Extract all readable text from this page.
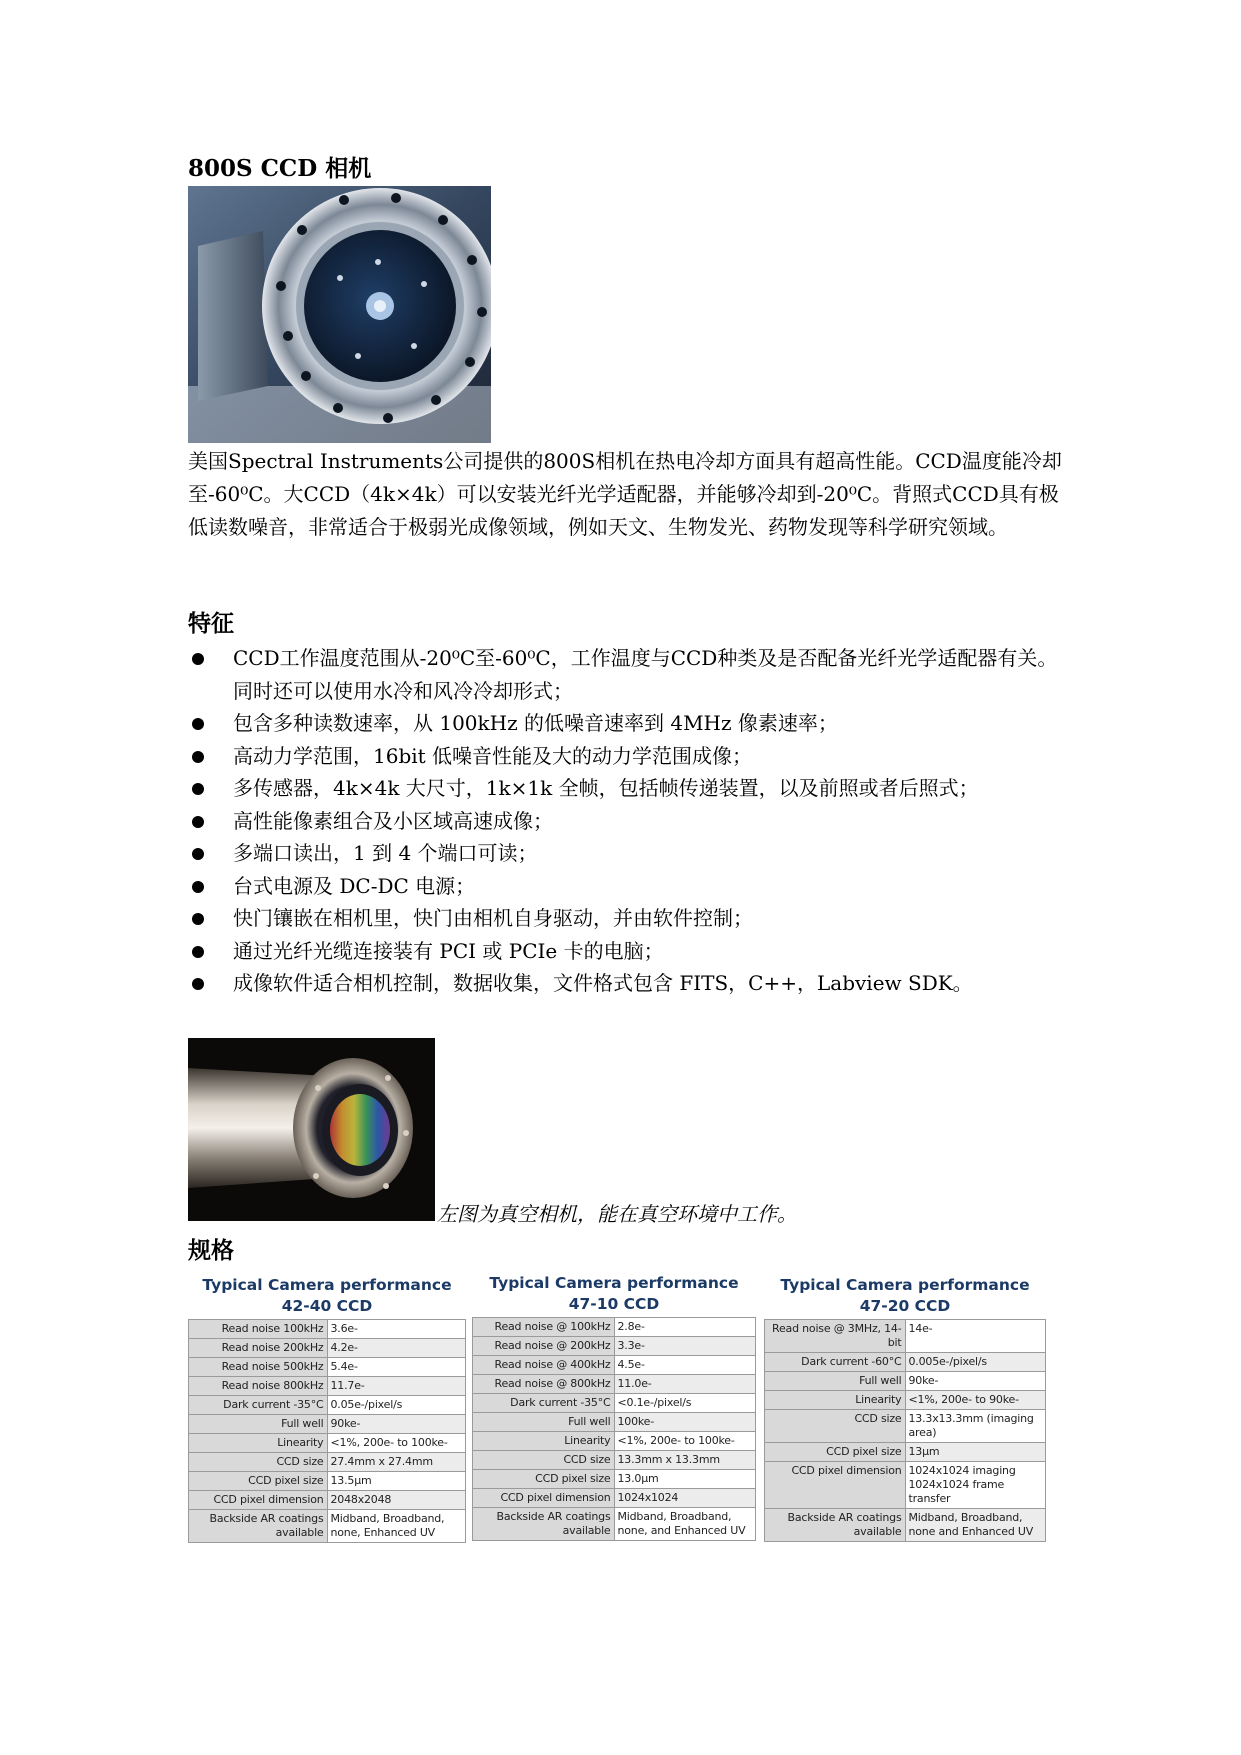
800S CCD 相机
美国Spectral Instruments公司提供的800S相机在热电冷却方面具有超高性能。CCD温度能冷却至-60⁰C。大CCD（4k×4k）可以安装光纤光学适配器，并能够冷却到-20⁰C。背照式CCD具有极低读数噪音，非常适合于极弱光成像领域，例如天文、生物发光、药物发现等科学研究领域。
特征
CCD工作温度范围从-20⁰C至-60⁰C，工作温度与CCD种类及是否配备光纤光学适配器有关。同时还可以使用水冷和风冷冷却形式；
包含多种读数速率，从 100kHz 的低噪音速率到 4MHz 像素速率；
高动力学范围，16bit 低噪音性能及大的动力学范围成像；
多传感器，4k×4k 大尺寸，1k×1k 全帧，包括帧传递装置，以及前照或者后照式；
高性能像素组合及小区域高速成像；
多端口读出，1 到 4 个端口可读；
台式电源及 DC-DC 电源；
快门镶嵌在相机里，快门由相机自身驱动，并由软件控制；
通过光纤光缆连接装有 PCI 或 PCIe 卡的电脑；
成像软件适合相机控制，数据收集，文件格式包含 FITS，C++，Labview SDK。
左图为真空相机，能在真空环境中工作。
规格
Typical Camera performance
42-40 CCD
Read noise 100kHz	3.6e-
Read noise 200kHz	4.2e-
Read noise 500kHz	5.4e-
Read noise 800kHz	11.7e-
Dark current -35°C	0.05e-/pixel/s
Full well	90ke-
Linearity	<1%, 200e- to 100ke-
CCD size	27.4mm x 27.4mm
CCD pixel size	13.5μm
CCD pixel dimension	2048x2048
Backside AR coatings available	Midband, Broadband, none, Enhanced UV
Typical Camera performance
47-10 CCD
Read noise @ 100kHz	2.8e-
Read noise @ 200kHz	3.3e-
Read noise @ 400kHz	4.5e-
Read noise @ 800kHz	11.0e-
Dark current -35°C	<0.1e-/pixel/s
Full well	100ke-
Linearity	<1%, 200e- to 100ke-
CCD size	13.3mm x 13.3mm
CCD pixel size	13.0μm
CCD pixel dimension	1024x1024
Backside AR coatings available	Midband, Broadband, none, and Enhanced UV
Typical Camera performance
47-20 CCD
Read noise @ 3MHz, 14-bit	14e-
Dark current -60°C	0.005e-/pixel/s
Full well	90ke-
Linearity	<1%, 200e- to 90ke-
CCD size	13.3x13.3mm (imaging area)
CCD pixel size	13μm
CCD pixel dimension	1024x1024 imaging 1024x1024 frame transfer
Backside AR coatings available	Midband, Broadband, none and Enhanced UV
